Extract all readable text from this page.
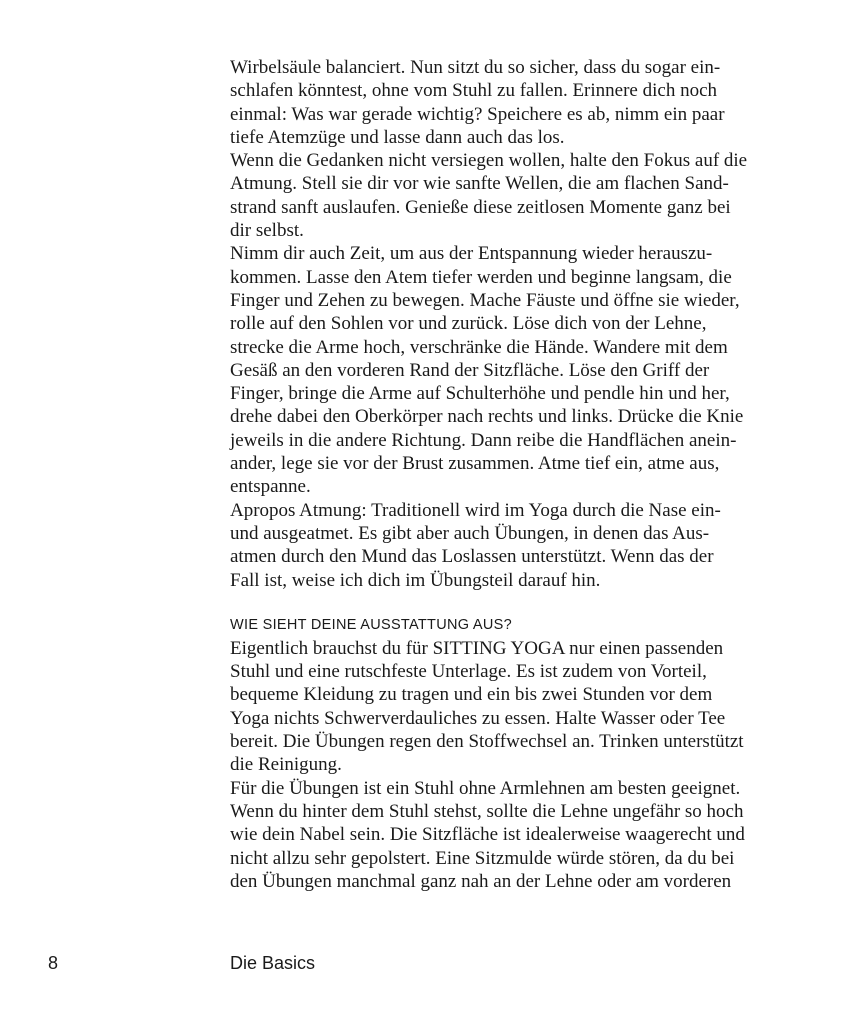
Wirbelsäule balanciert. Nun sitzt du so sicher, dass du sogar ein-
schlafen könntest, ohne vom Stuhl zu fallen. Erinnere dich noch
einmal: Was war gerade wichtig? Speichere es ab, nimm ein paar
tiefe Atemzüge und lasse dann auch das los.
Wenn die Gedanken nicht versiegen wollen, halte den Fokus auf die
Atmung. Stell sie dir vor wie sanfte Wellen, die am flachen Sand-
strand sanft auslaufen. Genieße diese zeitlosen Momente ganz bei
dir selbst.
Nimm dir auch Zeit, um aus der Entspannung wieder herauszu-
kommen. Lasse den Atem tiefer werden und beginne langsam, die
Finger und Zehen zu bewegen. Mache Fäuste und öffne sie wieder,
rolle auf den Sohlen vor und zurück. Löse dich von der Lehne,
strecke die Arme hoch, verschränke die Hände. Wandere mit dem
Gesäß an den vorderen Rand der Sitzfläche. Löse den Griff der
Finger, bringe die Arme auf Schulterhöhe und pendle hin und her,
drehe dabei den Oberkörper nach rechts und links. Drücke die Knie
jeweils in die andere Richtung. Dann reibe die Handflächen anein-
ander, lege sie vor der Brust zusammen. Atme tief ein, atme aus,
entspanne.
Apropos Atmung: Traditionell wird im Yoga durch die Nase ein-
und ausgeatmet. Es gibt aber auch Übungen, in denen das Aus-
atmen durch den Mund das Loslassen unterstützt. Wenn das der
Fall ist, weise ich dich im Übungsteil darauf hin.
WIE SIEHT DEINE AUSSTATTUNG AUS?
Eigentlich brauchst du für SITTING YOGA nur einen passenden
Stuhl und eine rutschfeste Unterlage. Es ist zudem von Vorteil,
bequeme Kleidung zu tragen und ein bis zwei Stunden vor dem
Yoga nichts Schwerverdauliches zu essen. Halte Wasser oder Tee
bereit. Die Übungen regen den Stoffwechsel an. Trinken unterstützt
die Reinigung.
Für die Übungen ist ein Stuhl ohne Armlehnen am besten geeignet.
Wenn du hinter dem Stuhl stehst, sollte die Lehne ungefähr so hoch
wie dein Nabel sein. Die Sitzfläche ist idealerweise waagerecht und
nicht allzu sehr gepolstert. Eine Sitzmulde würde stören, da du bei
den Übungen manchmal ganz nah an der Lehne oder am vorderen
8	Die Basics
